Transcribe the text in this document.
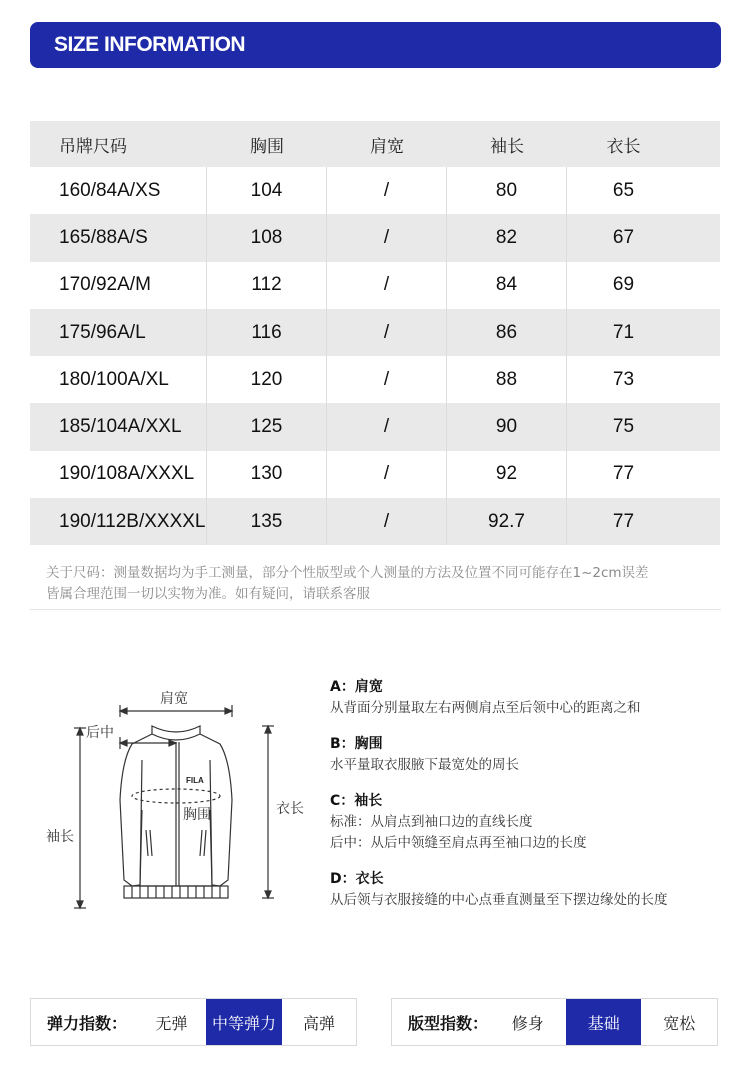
SIZE INFORMATION
吊牌尺码	胸围	肩宽	袖长	衣长
160/84A/XS	104	/	80	65
165/88A/S	108	/	82	67
170/92A/M	112	/	84	69
175/96A/L	116	/	86	71
180/100A/XL	120	/	88	73
185/104A/XXL	125	/	90	75
190/108A/XXXL	130	/	92	77
190/112B/XXXXL	135	/	92.7	77
关于尺码：测量数据均为手工测量，部分个性版型或个人测量的方法及位置不同可能存在1~2cm误差
皆属合理范围一切以实物为准。如有疑问，请联系客服
FILA
肩宽
后中
胸围
袖长
衣长
A：肩宽
从背面分别量取左右两侧肩点至后领中心的距离之和
B：胸围
水平量取衣服腋下最宽处的周长
C：袖长
标准：从肩点到袖口边的直线长度
后中：从后中领缝至肩点再至袖口边的长度
D：衣长
从后领与衣服接缝的中心点垂直测量至下摆边缘处的长度
弹力指数：	无弹	中等弹力	高弹	版型指数：	修身	基础	宽松
